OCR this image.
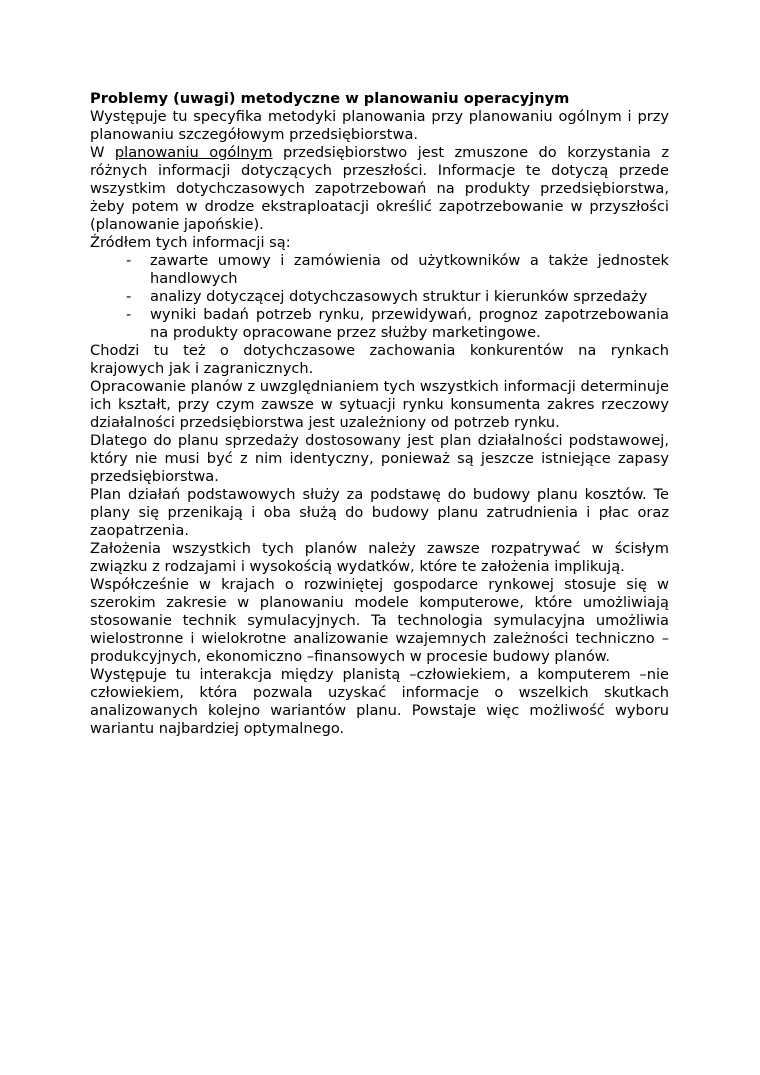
Problemy (uwagi) metodyczne w planowaniu operacyjnym

Występuje tu specyfika metodyki planowania przy planowaniu ogólnym i przy planowaniu szczegółowym przedsiębiorstwa.

W planowaniu ogólnym przedsiębiorstwo jest zmuszone do korzystania z różnych informacji dotyczących przeszłości. Informacje te dotyczą przede wszystkim dotychczasowych zapotrzebowań na produkty przedsiębiorstwa, żeby potem w drodze ekstraploatacji określić zapotrzebowanie w przyszłości (planowanie japońskie).

Źródłem tych informacji są:

- zawarte umowy i zamówienia od użytkowników a także jednostek handlowych
- analizy dotyczącej dotychczasowych struktur i kierunków sprzedaży
- wyniki badań potrzeb rynku, przewidywań, prognoz zapotrzebowania na produkty opracowane przez służby marketingowe.

Chodzi tu też o dotychczasowe zachowania konkurentów na rynkach krajowych jak i zagranicznych.

Opracowanie planów z uwzględnianiem tych wszystkich informacji determinuje ich kształt, przy czym zawsze w sytuacji rynku konsumenta zakres rzeczowy działalności przedsiębiorstwa jest uzależniony od potrzeb rynku.

Dlatego do planu sprzedaży dostosowany jest plan działalności podstawowej, który nie musi być z nim identyczny, ponieważ są jeszcze istniejące zapasy przedsiębiorstwa.

Plan działań podstawowych służy za podstawę do budowy planu kosztów. Te plany się przenikają i oba służą do budowy planu zatrudnienia i płac oraz zaopatrzenia.

Założenia wszystkich tych planów należy zawsze rozpatrywać w ścisłym związku z rodzajami i wysokością wydatków, które te założenia implikują.

Współcześnie w krajach o rozwiniętej gospodarce rynkowej stosuje się w szerokim zakresie w planowaniu modele komputerowe, które umożliwiają stosowanie technik symulacyjnych. Ta technologia symulacyjna umożliwia wielostronne i wielokrotne analizowanie wzajemnych zależności techniczno –produkcyjnych, ekonomiczno –finansowych w procesie budowy planów.

Występuje tu interakcja między planistą –człowiekiem, a komputerem –nie człowiekiem, która pozwala uzyskać informacje o wszelkich skutkach analizowanych kolejno wariantów planu. Powstaje więc możliwość wyboru wariantu najbardziej optymalnego.
